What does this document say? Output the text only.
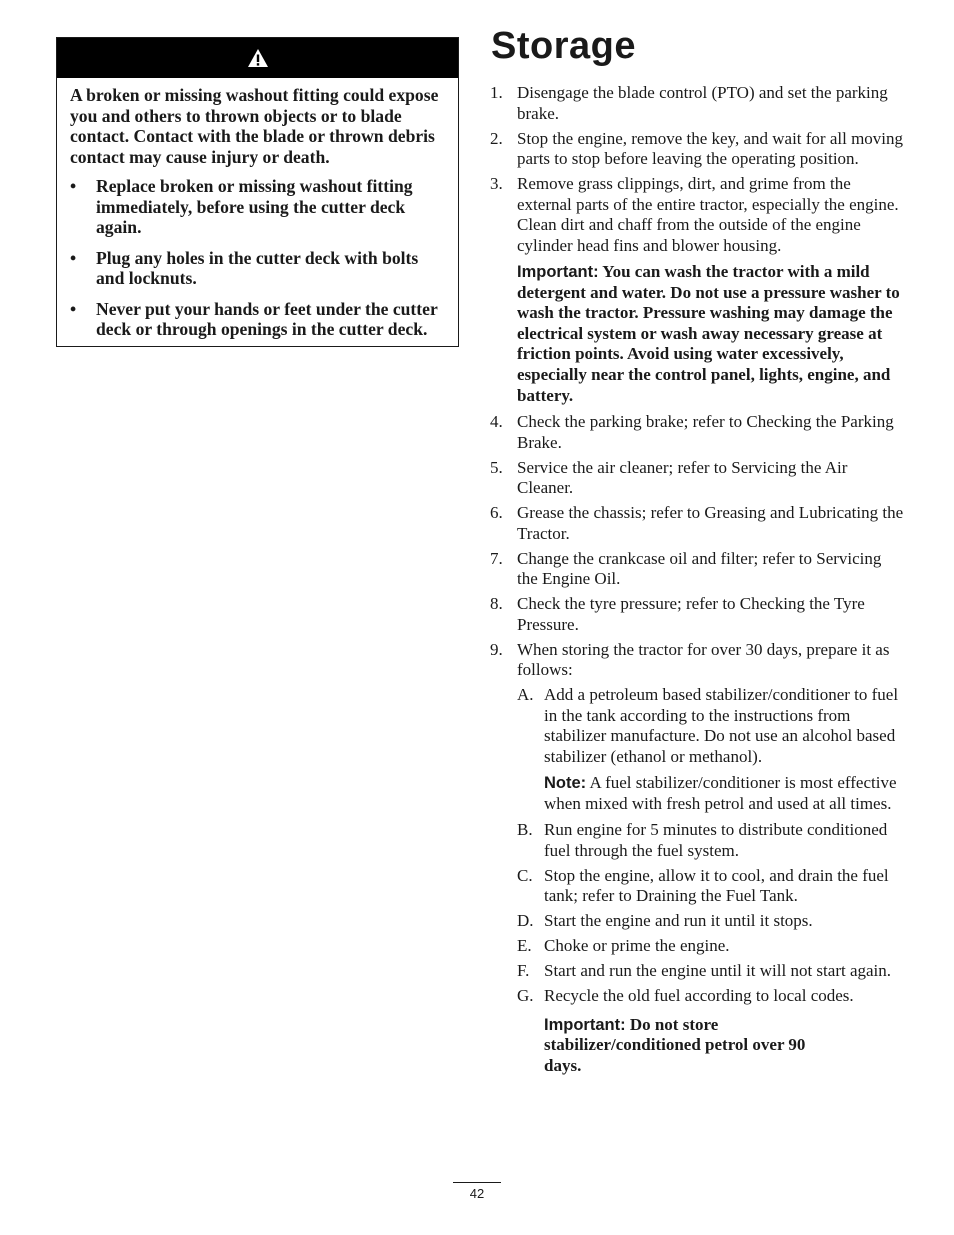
A broken or missing washout fitting could expose you and others to thrown objects or to blade contact. Contact with the blade or thrown debris contact may cause injury or death.

•	Replace broken or missing washout fitting immediately, before using the cutter deck again.
•	Plug any holes in the cutter deck with bolts and locknuts.
•	Never put your hands or feet under the cutter deck or through openings in the cutter deck.
Storage
1. Disengage the blade control (PTO) and set the parking brake.
2. Stop the engine, remove the key, and wait for all moving parts to stop before leaving the operating position.
3. Remove grass clippings, dirt, and grime from the external parts of the entire tractor, especially the engine. Clean dirt and chaff from the outside of the engine cylinder head fins and blower housing.
Important: You can wash the tractor with a mild detergent and water. Do not use a pressure washer to wash the tractor. Pressure washing may damage the electrical system or wash away necessary grease at friction points. Avoid using water excessively, especially near the control panel, lights, engine, and battery.
4. Check the parking brake; refer to Checking the Parking Brake.
5. Service the air cleaner; refer to Servicing the Air Cleaner.
6. Grease the chassis; refer to Greasing and Lubricating the Tractor.
7. Change the crankcase oil and filter; refer to Servicing the Engine Oil.
8. Check the tyre pressure; refer to Checking the Tyre Pressure.
9. When storing the tractor for over 30 days, prepare it as follows:
A. Add a petroleum based stabilizer/conditioner to fuel in the tank according to the instructions from stabilizer manufacture. Do not use an alcohol based stabilizer (ethanol or methanol).
Note: A fuel stabilizer/conditioner is most effective when mixed with fresh petrol and used at all times.
B. Run engine for 5 minutes to distribute conditioned fuel through the fuel system.
C. Stop the engine, allow it to cool, and drain the fuel tank; refer to Draining the Fuel Tank.
D. Start the engine and run it until it stops.
E. Choke or prime the engine.
F. Start and run the engine until it will not start again.
G. Recycle the old fuel according to local codes.
Important: Do not store stabilizer/conditioned petrol over 90 days.
42
